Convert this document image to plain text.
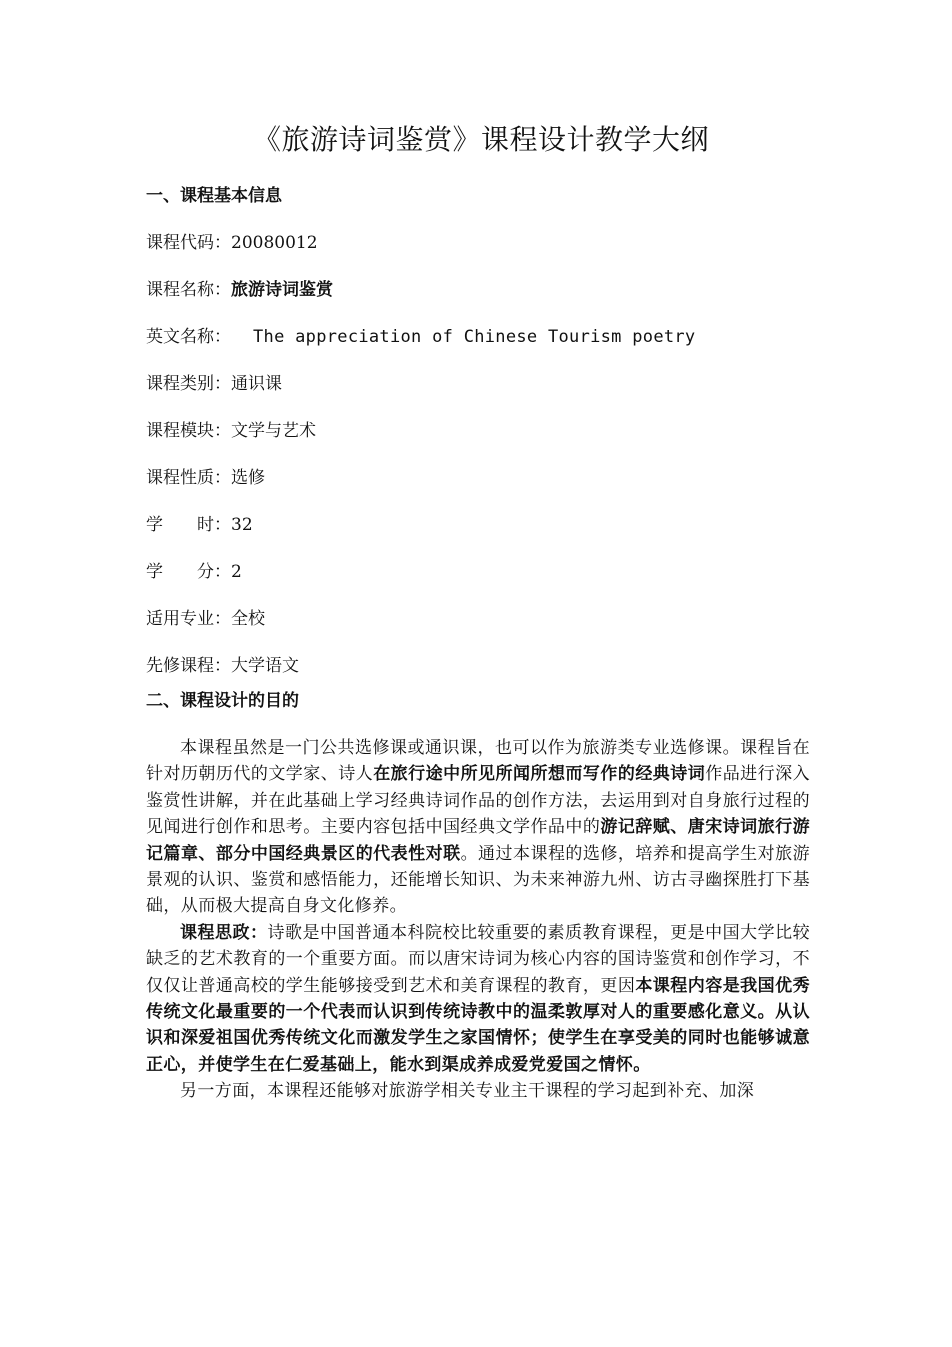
《旅游诗词鉴赏》课程设计教学大纲

一、课程基本信息

课程代码：20080012

课程名称：旅游诗词鉴赏

英文名称： The appreciation of Chinese Tourism poetry

课程类别：通识课

课程模块：文学与艺术

课程性质：选修

学　　时：32

学　　分：2

适用专业：全校

先修课程：大学语文

二、课程设计的目的

本课程虽然是一门公共选修课或通识课，也可以作为旅游类专业选修课。课程旨在针对历朝历代的文学家、诗人在旅行途中所见所闻所想而写作的经典诗词作品进行深入鉴赏性讲解，并在此基础上学习经典诗词作品的创作方法，去运用到对自身旅行过程的见闻进行创作和思考。主要内容包括中国经典文学作品中的游记辞赋、唐宋诗词旅行游记篇章、部分中国经典景区的代表性对联。通过本课程的选修，培养和提高学生对旅游景观的认识、鉴赏和感悟能力，还能增长知识、为未来神游九州、访古寻幽探胜打下基础，从而极大提高自身文化修养。

课程思政：诗歌是中国普通本科院校比较重要的素质教育课程，更是中国大学比较缺乏的艺术教育的一个重要方面。而以唐宋诗词为核心内容的国诗鉴赏和创作学习，不仅仅让普通高校的学生能够接受到艺术和美育课程的教育，更因本课程内容是我国优秀传统文化最重要的一个代表而认识到传统诗教中的温柔敦厚对人的重要感化意义。从认识和深爱祖国优秀传统文化而激发学生之家国情怀；使学生在享受美的同时也能够诚意正心，并使学生在仁爱基础上，能水到渠成养成爱党爱国之情怀。

另一方面，本课程还能够对旅游学相关专业主干课程的学习起到补充、加深
